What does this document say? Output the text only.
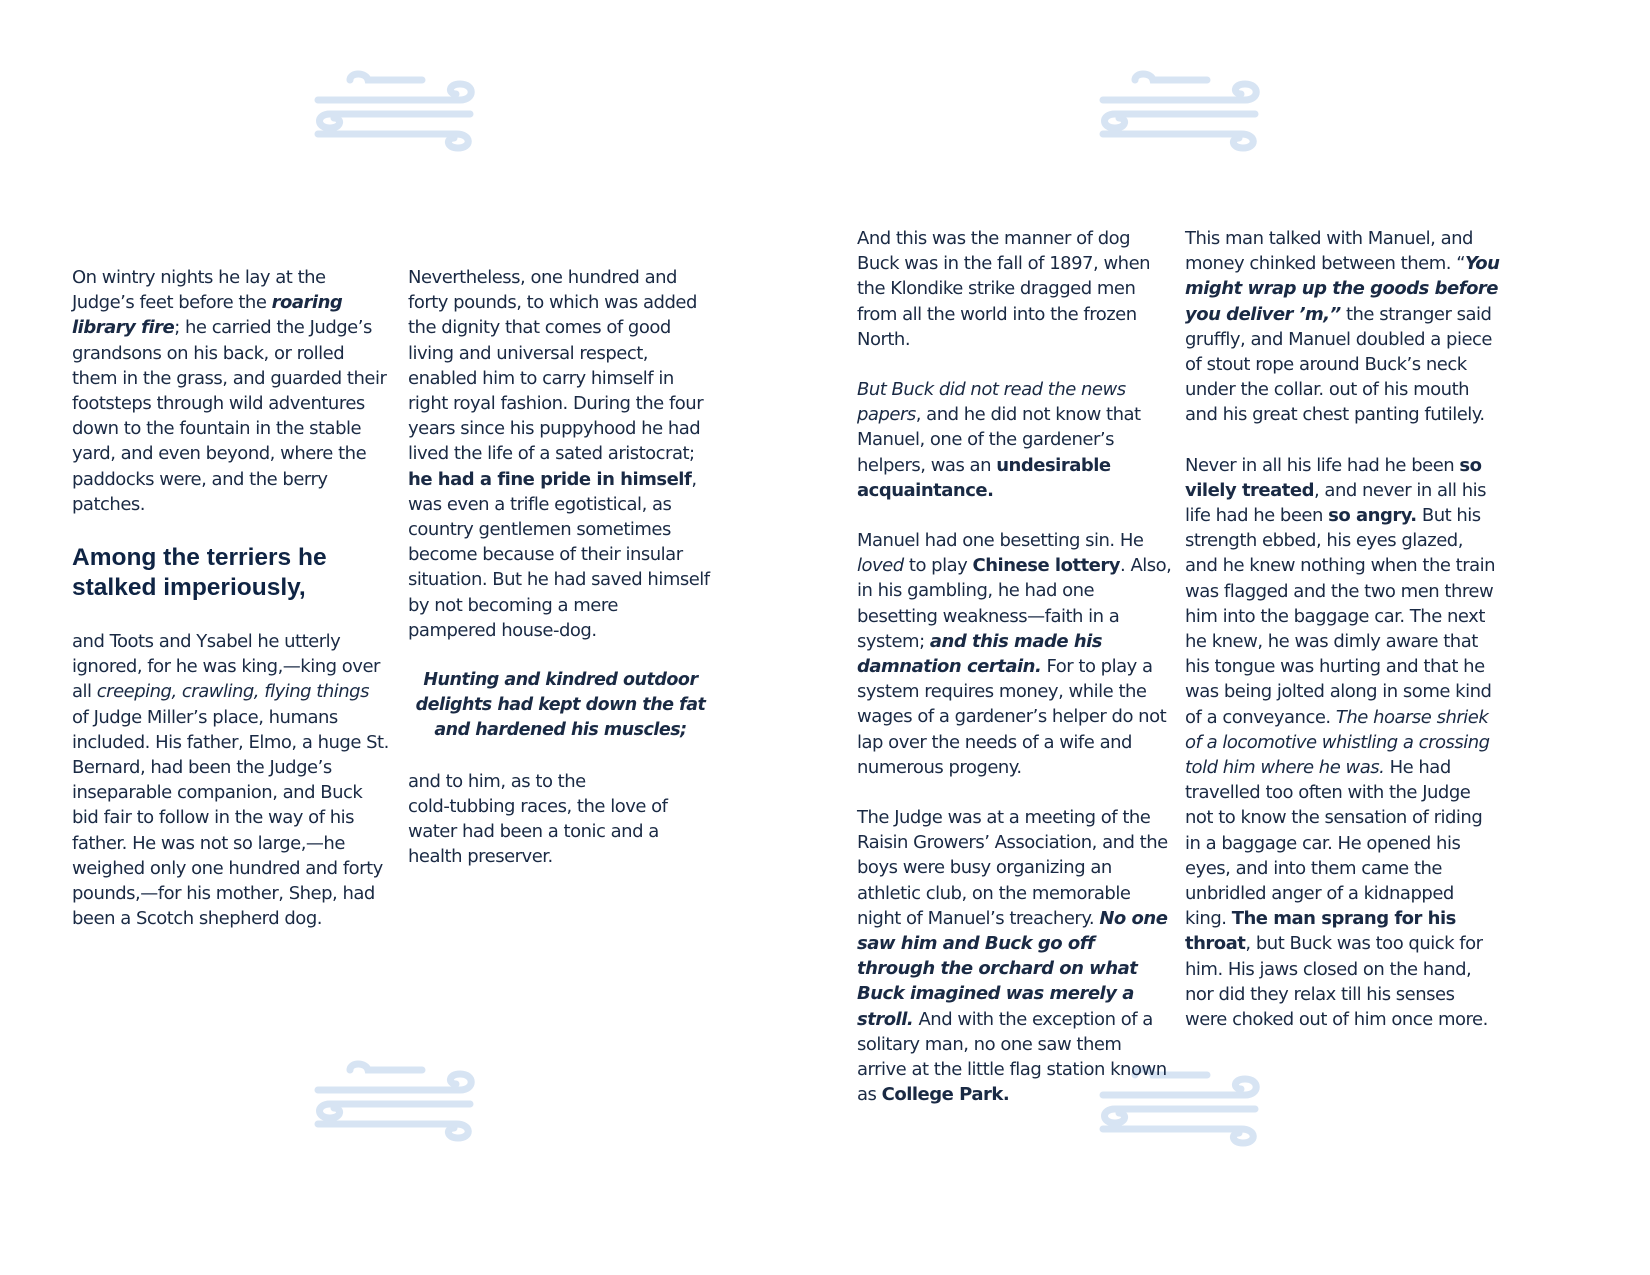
On wintry nights he lay at the Judge’s feet before the roaring library fire; he carried the Judge’s grandsons on his back, or rolled them in the grass, and guarded their footsteps through wild adventures down to the fountain in the stable yard, and even beyond, where the paddocks were, and the berry patches.

Among the terriers he stalked imperiously,

and Toots and Ysabel he utterly ignored, for he was king,—king over all creeping, crawling, flying things of Judge Miller’s place, humans included. His father, Elmo, a huge St. Bernard, had been the Judge’s inseparable companion, and Buck bid fair to follow in the way of his father. He was not so large,—he weighed only one hundred and forty pounds,—for his mother, Shep, had been a Scotch shepherd dog.

Nevertheless, one hundred and forty pounds, to which was added the dignity that comes of good living and universal respect, enabled him to carry himself in right royal fashion. During the four years since his puppyhood he had lived the life of a sated aristocrat; he had a fine pride in himself, was even a trifle egotistical, as country gentlemen sometimes become because of their insular situation. But he had saved himself by not becoming a mere

pampered house-dog.

Hunting and kindred outdoor delights had kept down the fat and hardened his muscles;

and to him, as to the

cold-tubbing races, the love of water had been a tonic and a health preserver.

And this was the manner of dog Buck was in the fall of 1897, when the Klondike strike dragged men from all the world into the frozen North.

But Buck did not read the news papers, and he did not know that Manuel, one of the gardener’s helpers, was an undesirable acquaintance.

Manuel had one besetting sin. He loved to play Chinese lottery. Also, in his gambling, he had one besetting weakness—faith in a system; and this made his damnation certain. For to play a system requires money, while the wages of a gardener’s helper do not lap over the needs of a wife and numerous progeny.

The Judge was at a meeting of the Raisin Growers’ Association, and the boys were busy organizing an athletic club, on the memorable night of Manuel’s treachery. No one saw him and Buck go off through the orchard on what Buck imagined was merely a stroll. And with the exception of a solitary man, no one saw them arrive at the little flag station known as College Park.

This man talked with Manuel, and money chinked between them. “You might wrap up the goods before you deliver ’m,” the stranger said gruffly, and Manuel doubled a piece of stout rope around Buck’s neck under the collar. out of his mouth and his great chest panting futilely.

Never in all his life had he been so vilely treated, and never in all his life had he been so angry. But his strength ebbed, his eyes glazed, and he knew nothing when the train was flagged and the two men threw him into the baggage car. The next he knew, he was dimly aware that his tongue was hurting and that he was being jolted along in some kind of a conveyance. The hoarse shriek of a locomotive whistling a crossing told him where he was. He had travelled too often with the Judge not to know the sensation of riding in a baggage car. He opened his eyes, and into them came the unbridled anger of a kidnapped king. The man sprang for his throat, but Buck was too quick for him. His jaws closed on the hand, nor did they relax till his senses were choked out of him once more.
